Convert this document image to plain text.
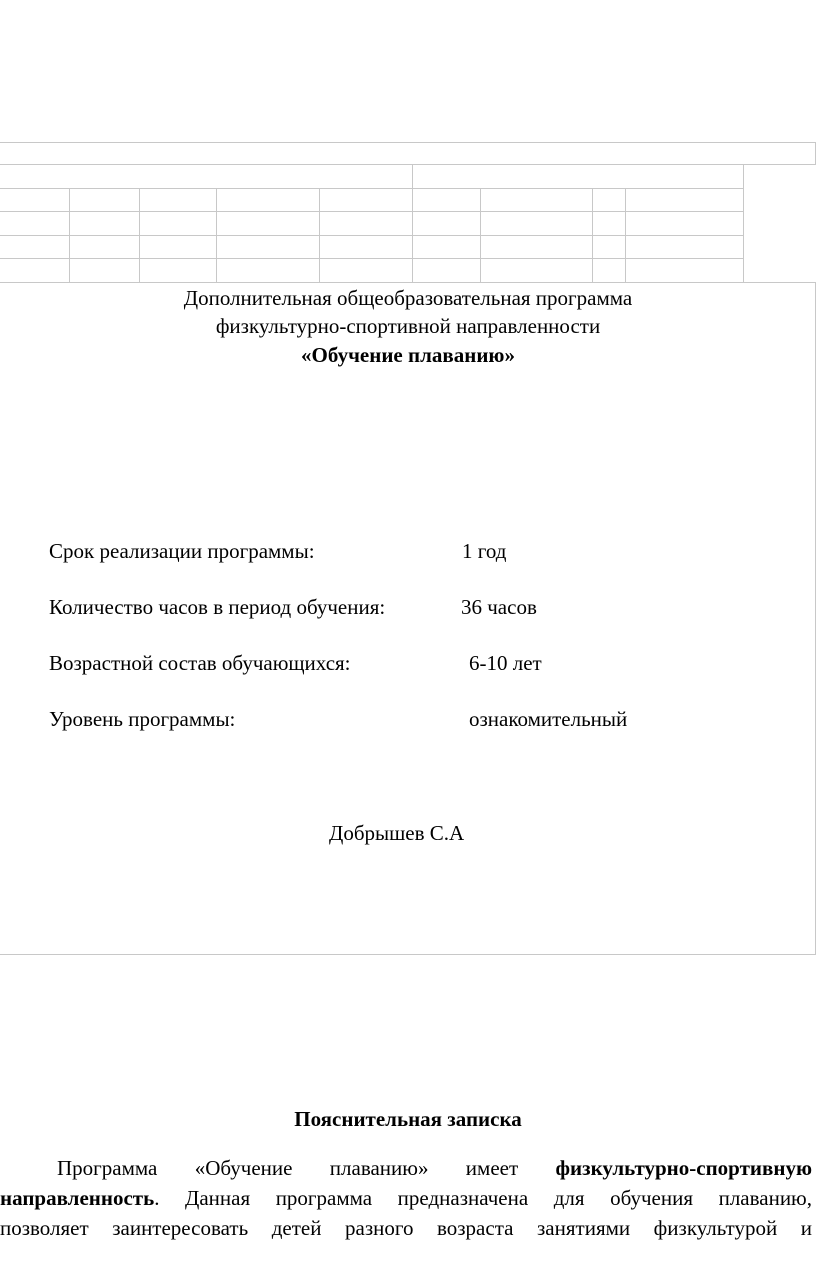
Дополнительная общеобразовательная программа
физкультурно-спортивной направленности
«Обучение плаванию»
Срок реализации программы:	1 год
Количество часов в период обучения:	36 часов
Возрастной состав обучающихся:	6-10 лет
Уровень программы:	ознакомительный
Добрышев С.А
Пояснительная записка
Программа «Обучение плаванию» имеет физкультурно-спортивную
направленность. Данная программа предназначена для обучения плаванию,
позволяет заинтересовать детей разного возраста занятиями физкультурой и
